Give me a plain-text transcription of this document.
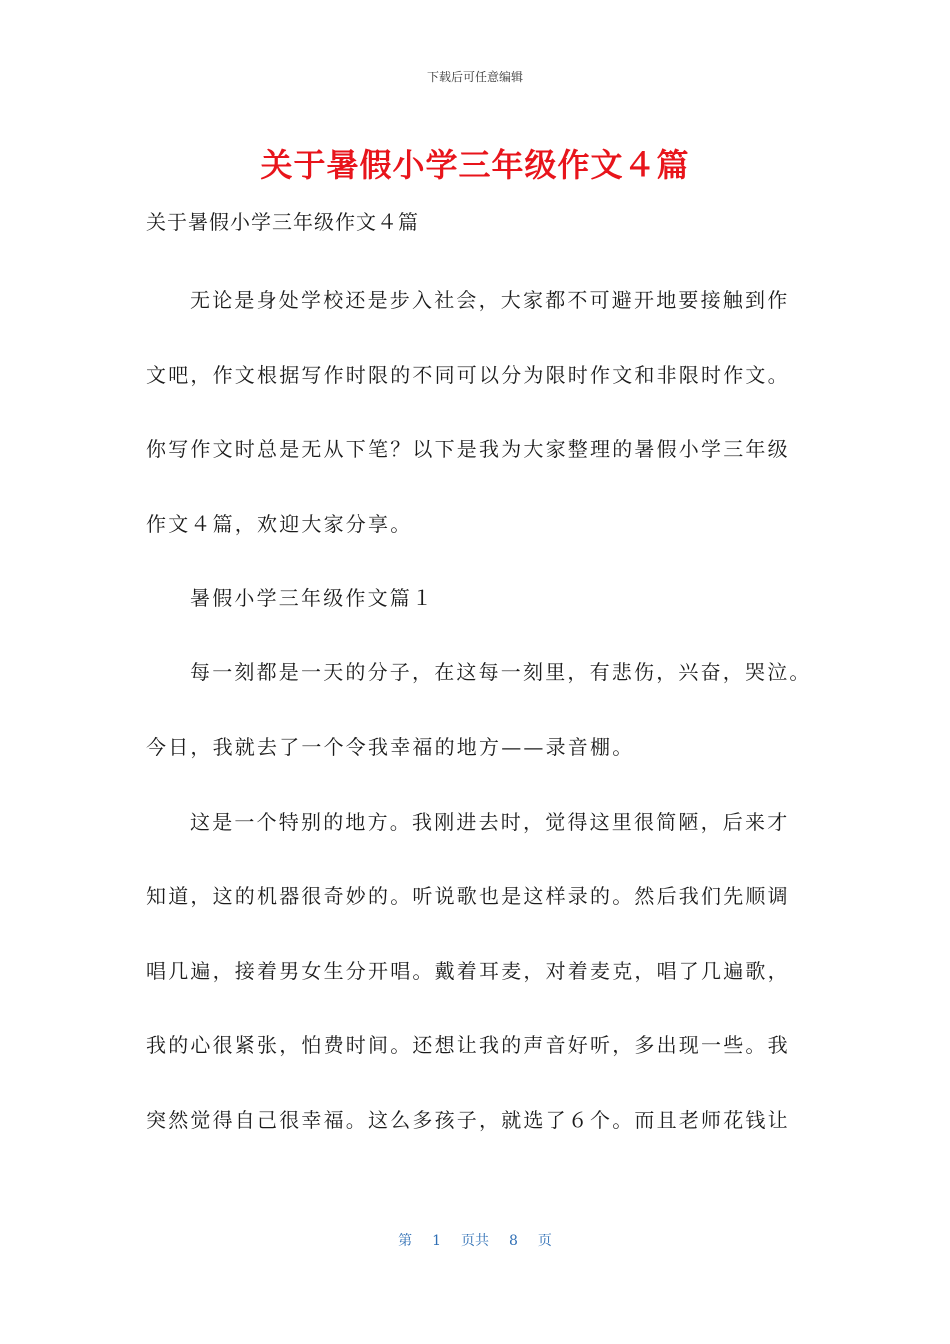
下载后可任意编辑
关于暑假小学三年级作文４篇
关于暑假小学三年级作文４篇
无论是身处学校还是步入社会，大家都不可避开地要接触到作
文吧，作文根据写作时限的不同可以分为限时作文和非限时作文。
你写作文时总是无从下笔？以下是我为大家整理的暑假小学三年级
作文４篇，欢迎大家分享。
暑假小学三年级作文篇１
每一刻都是一天的分子，在这每一刻里，有悲伤，兴奋，哭泣。
今日，我就去了一个令我幸福的地方——录音棚。
这是一个特别的地方。我刚进去时，觉得这里很简陋，后来才
知道，这的机器很奇妙的。听说歌也是这样录的。然后我们先顺调
唱几遍，接着男女生分开唱。戴着耳麦，对着麦克，唱了几遍歌，
我的心很紧张，怕费时间。还想让我的声音好听，多出现一些。我
突然觉得自己很幸福。这么多孩子，就选了６个。而且老师花钱让
第 1 页共 8 页
